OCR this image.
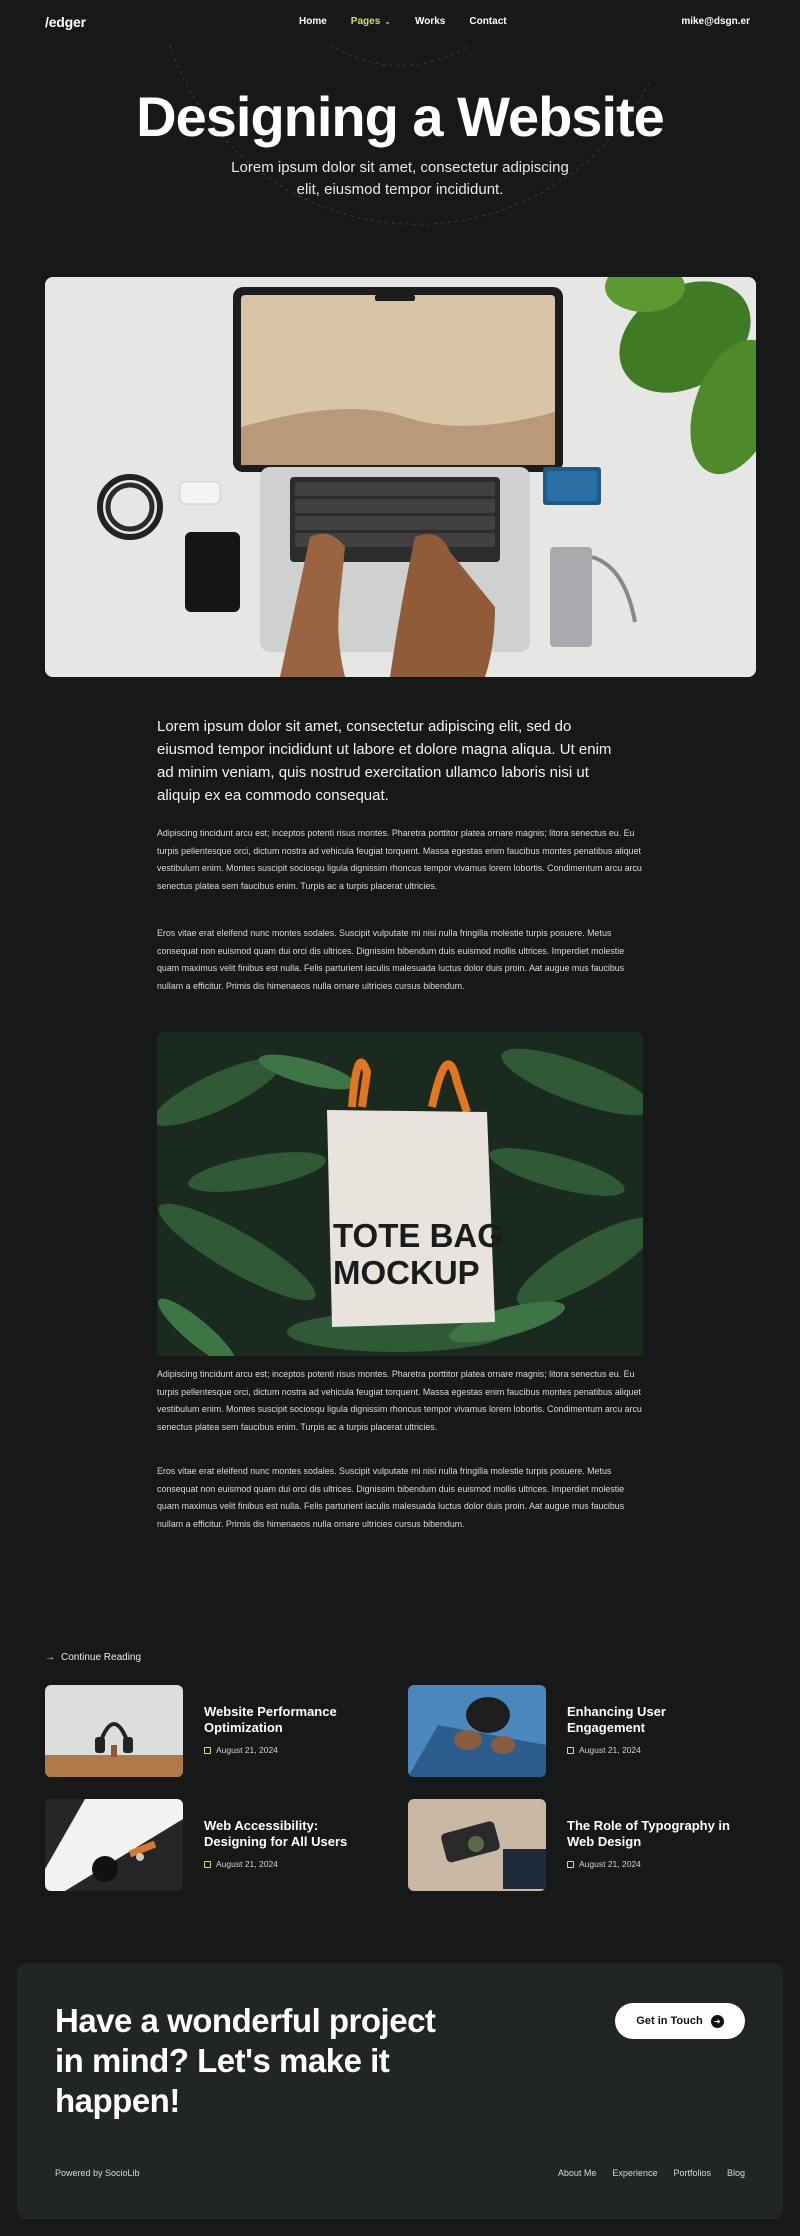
/edger	Home Pages ⌄ Works Contact	mike@dsgn.er
Designing a Website

Lorem ipsum dolor sit amet, consectetur adipiscing elit, eiusmod tempor incididunt.

Lorem ipsum dolor sit amet, consectetur adipiscing elit, sed do eiusmod tempor incididunt ut labore et dolore magna aliqua. Ut enim ad minim veniam, quis nostrud exercitation ullamco laboris nisi ut aliquip ex ea commodo consequat.

Adipiscing tincidunt arcu est; inceptos potenti risus montes. Pharetra porttitor platea ornare magnis; litora senectus eu. Eu turpis pellentesque orci, dictum nostra ad vehicula feugiat torquent. Massa egestas enim faucibus montes penatibus aliquet vestibulum enim. Montes suscipit sociosqu ligula dignissim rhoncus tempor vivamus lorem lobortis. Condimentum arcu arcu senectus platea sem faucibus enim. Turpis ac a turpis placerat ultricies.

Eros vitae erat eleifend nunc montes sodales. Suscipit vulputate mi nisi nulla fringilla molestie turpis posuere. Metus consequat non euismod quam dui orci dis ultrices. Dignissim bibendum duis euismod mollis ultrices. Imperdiet molestie quam maximus velit finibus est nulla. Felis parturient iaculis malesuada luctus dolor duis proin. Aat augue mus faucibus nullam a efficitur. Primis dis himenaeos nulla ornare ultricies cursus bibendum.

TOTE BAG
MOCKUP

Adipiscing tincidunt arcu est; inceptos potenti risus montes. Pharetra porttitor platea ornare magnis; litora senectus eu. Eu turpis pellentesque orci, dictum nostra ad vehicula feugiat torquent. Massa egestas enim faucibus montes penatibus aliquet vestibulum enim. Montes suscipit sociosqu ligula dignissim rhoncus tempor vivamus lorem lobortis. Condimentum arcu arcu senectus platea sem faucibus enim. Turpis ac a turpis placerat ultricies.

Eros vitae erat eleifend nunc montes sodales. Suscipit vulputate mi nisi nulla fringilla molestie turpis posuere. Metus consequat non euismod quam dui orci dis ultrices. Dignissim bibendum duis euismod mollis ultrices. Imperdiet molestie quam maximus velit finibus est nulla. Felis parturient iaculis malesuada luctus dolor duis proin. Aat augue mus faucibus nullam a efficitur. Primis dis himenaeos nulla ornare ultricies cursus bibendum.

→ Continue Reading
Website Performance Optimization
August 21, 2024
Enhancing User Engagement
August 21, 2024
Web Accessibility: Designing for All Users
August 21, 2024
The Role of Typography in Web Design
August 21, 2024
Have a wonderful project in mind? Let's make it happen!
Get in Touch	➜
Powered by SocioLib	About Me Experience Portfolios Blog
